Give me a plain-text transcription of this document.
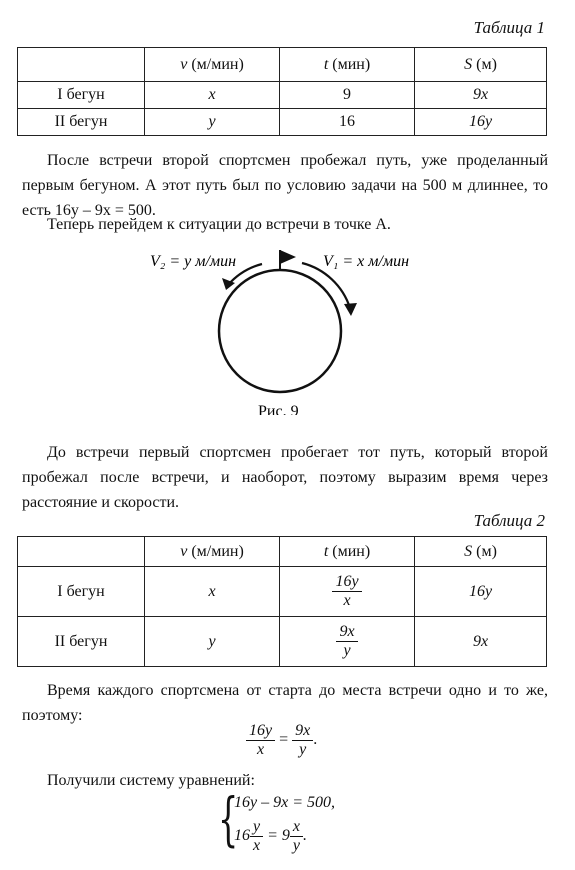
Таблица 1
	v (м/мин)	t (мин)	S (м)
I бегун	x	9	9x
II бегун	y	16	16y
После встречи второй спортсмен пробежал путь, уже проделанный первым бегуном. А этот путь был по условию задачи на 500 м длиннее, то есть 16y – 9x = 500.
Теперь перейдем к ситуации до встречи в точке A.
V₂ = y м/мин	V₁ = x м/мин
Рис. 9
До встречи первый спортсмен пробегает тот путь, который второй пробежал после встречи, и наоборот, поэтому выразим время через расстояние и скорости.
Таблица 2
	v (м/мин)	t (мин)	S (м)
I бегун	x	$\frac{16y}{x}$	16y
II бегун	y	$\frac{9x}{y}$	9x
Время каждого спортсмена от старта до места встречи одно и то же, поэтому:
$\frac{16y}{x} = \frac{9x}{y}$ .
Получили систему уравнений:
{
16y – 9x = 500,
$16 \frac{y}{x} = 9 \frac{x}{y}$ .
